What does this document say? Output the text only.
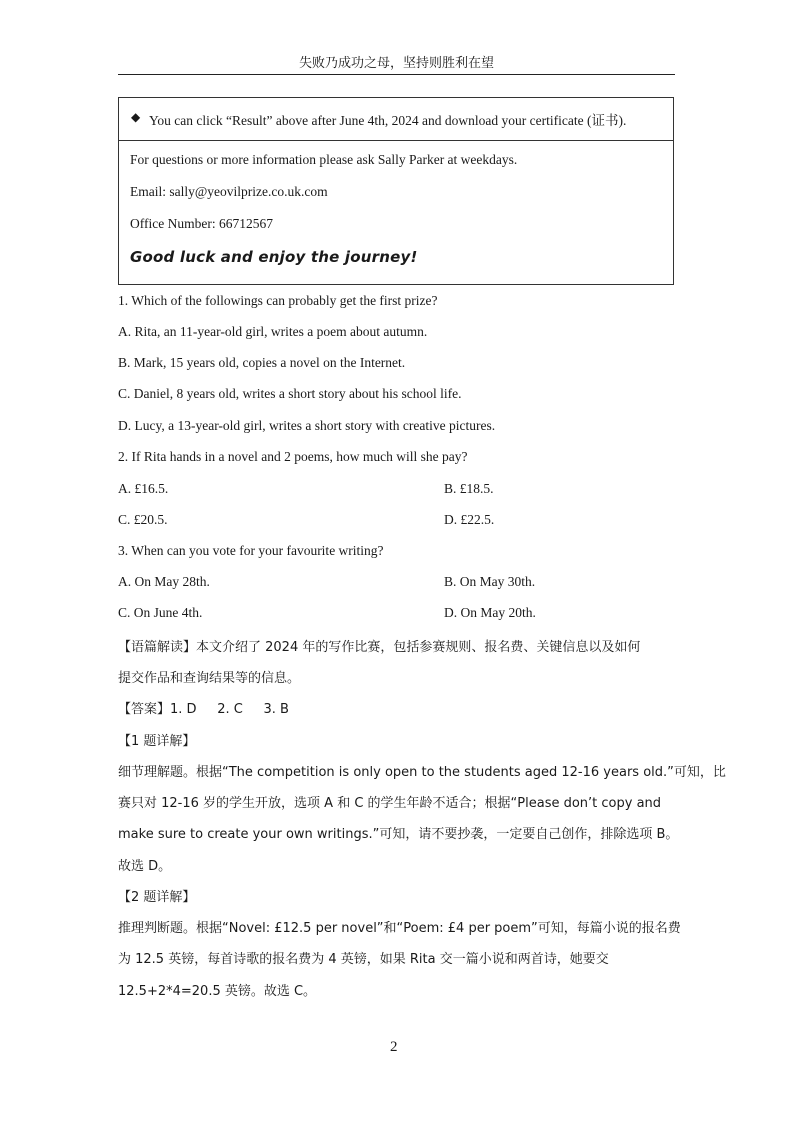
失败乃成功之母，坚持则胜利在望
◆ You can click “Result” above after June 4th, 2024 and download your certificate (证书).
For questions or more information please ask Sally Parker at weekdays.
Email: sally@yeovilprize.co.uk.com
Office Number: 66712567
Good luck and enjoy the journey!
1. Which of the followings can probably get the first prize?
A. Rita, an 11-year-old girl, writes a poem about autumn.
B. Mark, 15 years old, copies a novel on the Internet.
C. Daniel, 8 years old, writes a short story about his school life.
D. Lucy, a 13-year-old girl, writes a short story with creative pictures.
2. If Rita hands in a novel and 2 poems, how much will she pay?
A. £16.5.	B. £18.5.
C. £20.5.	D. £22.5.
3. When can you vote for your favourite writing?
A. On May 28th.	B. On May 30th.
C. On June 4th.	D. On May 20th.
【语篇解读】本文介绍了 2024 年的写作比赛，包括参赛规则、报名费、关键信息以及如何
提交作品和查询结果等的信息。
【答案】1. D     2. C     3. B
【1 题详解】
细节理解题。根据“The competition is only open to the students aged 12-16 years old.”可知，比
赛只对 12-16 岁的学生开放，选项 A 和 C 的学生年龄不适合；根据“Please don’t copy and
make sure to create your own writings.”可知，请不要抄袭，一定要自己创作，排除选项 B。
故选 D。
【2 题详解】
推理判断题。根据“Novel: £12.5 per novel”和“Poem: £4 per poem”可知，每篇小说的报名费
为 12.5 英镑，每首诗歌的报名费为 4 英镑，如果 Rita 交一篇小说和两首诗，她要交
12.5+2*4=20.5 英镑。故选 C。
2
